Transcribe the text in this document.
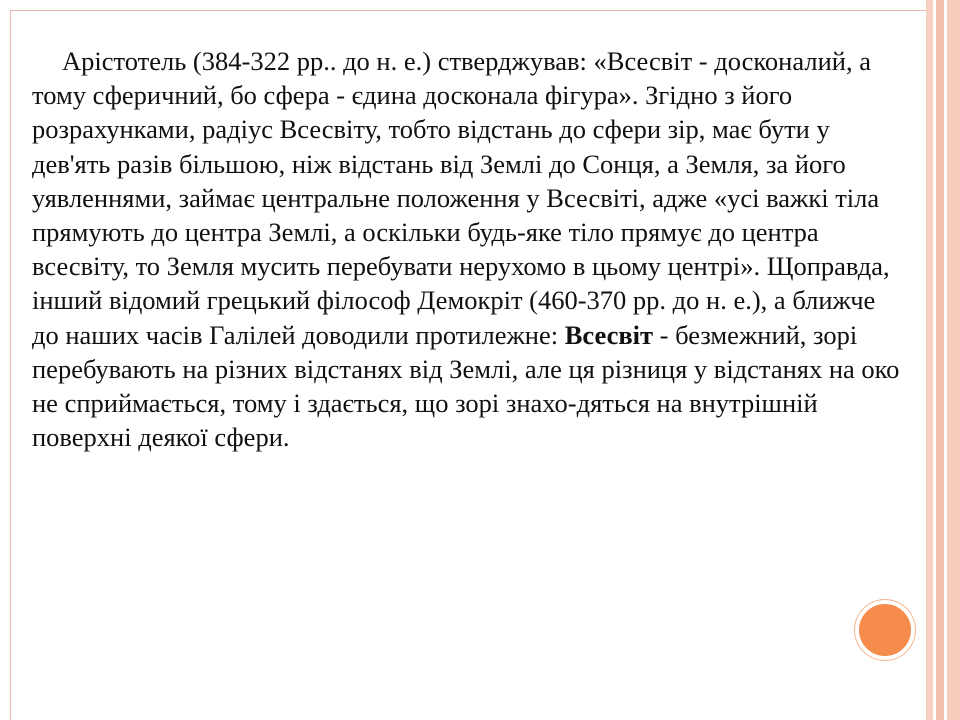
Арістотель (384-322 рр.. до н. е.) стверджував: «Всесвіт - досконалий, а тому сферичний, бо сфера - єдина досконала фігура». Згідно з його розрахунками, радіус Всесвіту, тобто відстань до сфери зір, має бути у дев'ять разів більшою, ніж відстань від Землі до Сонця, а Земля, за його уявленнями, займає центральне положення у Всесвіті, адже «усі важкі тіла прямують до центра Землі, а оскільки будь-яке тіло прямує до центра всесвіту, то Земля мусить перебувати нерухомо в цьому центрі». Щоправда, інший відомий грецький філософ Демокріт (460-370 рр. до н. е.), а ближче до наших часів Галілей доводили протилежне: Всесвіт - безмежний, зорі перебувають на різних відстанях від Землі, але ця різниця у відстанях на око не сприймається, тому і здається, що зорі знахо-дяться на внутрішній поверхні деякої сфери.
